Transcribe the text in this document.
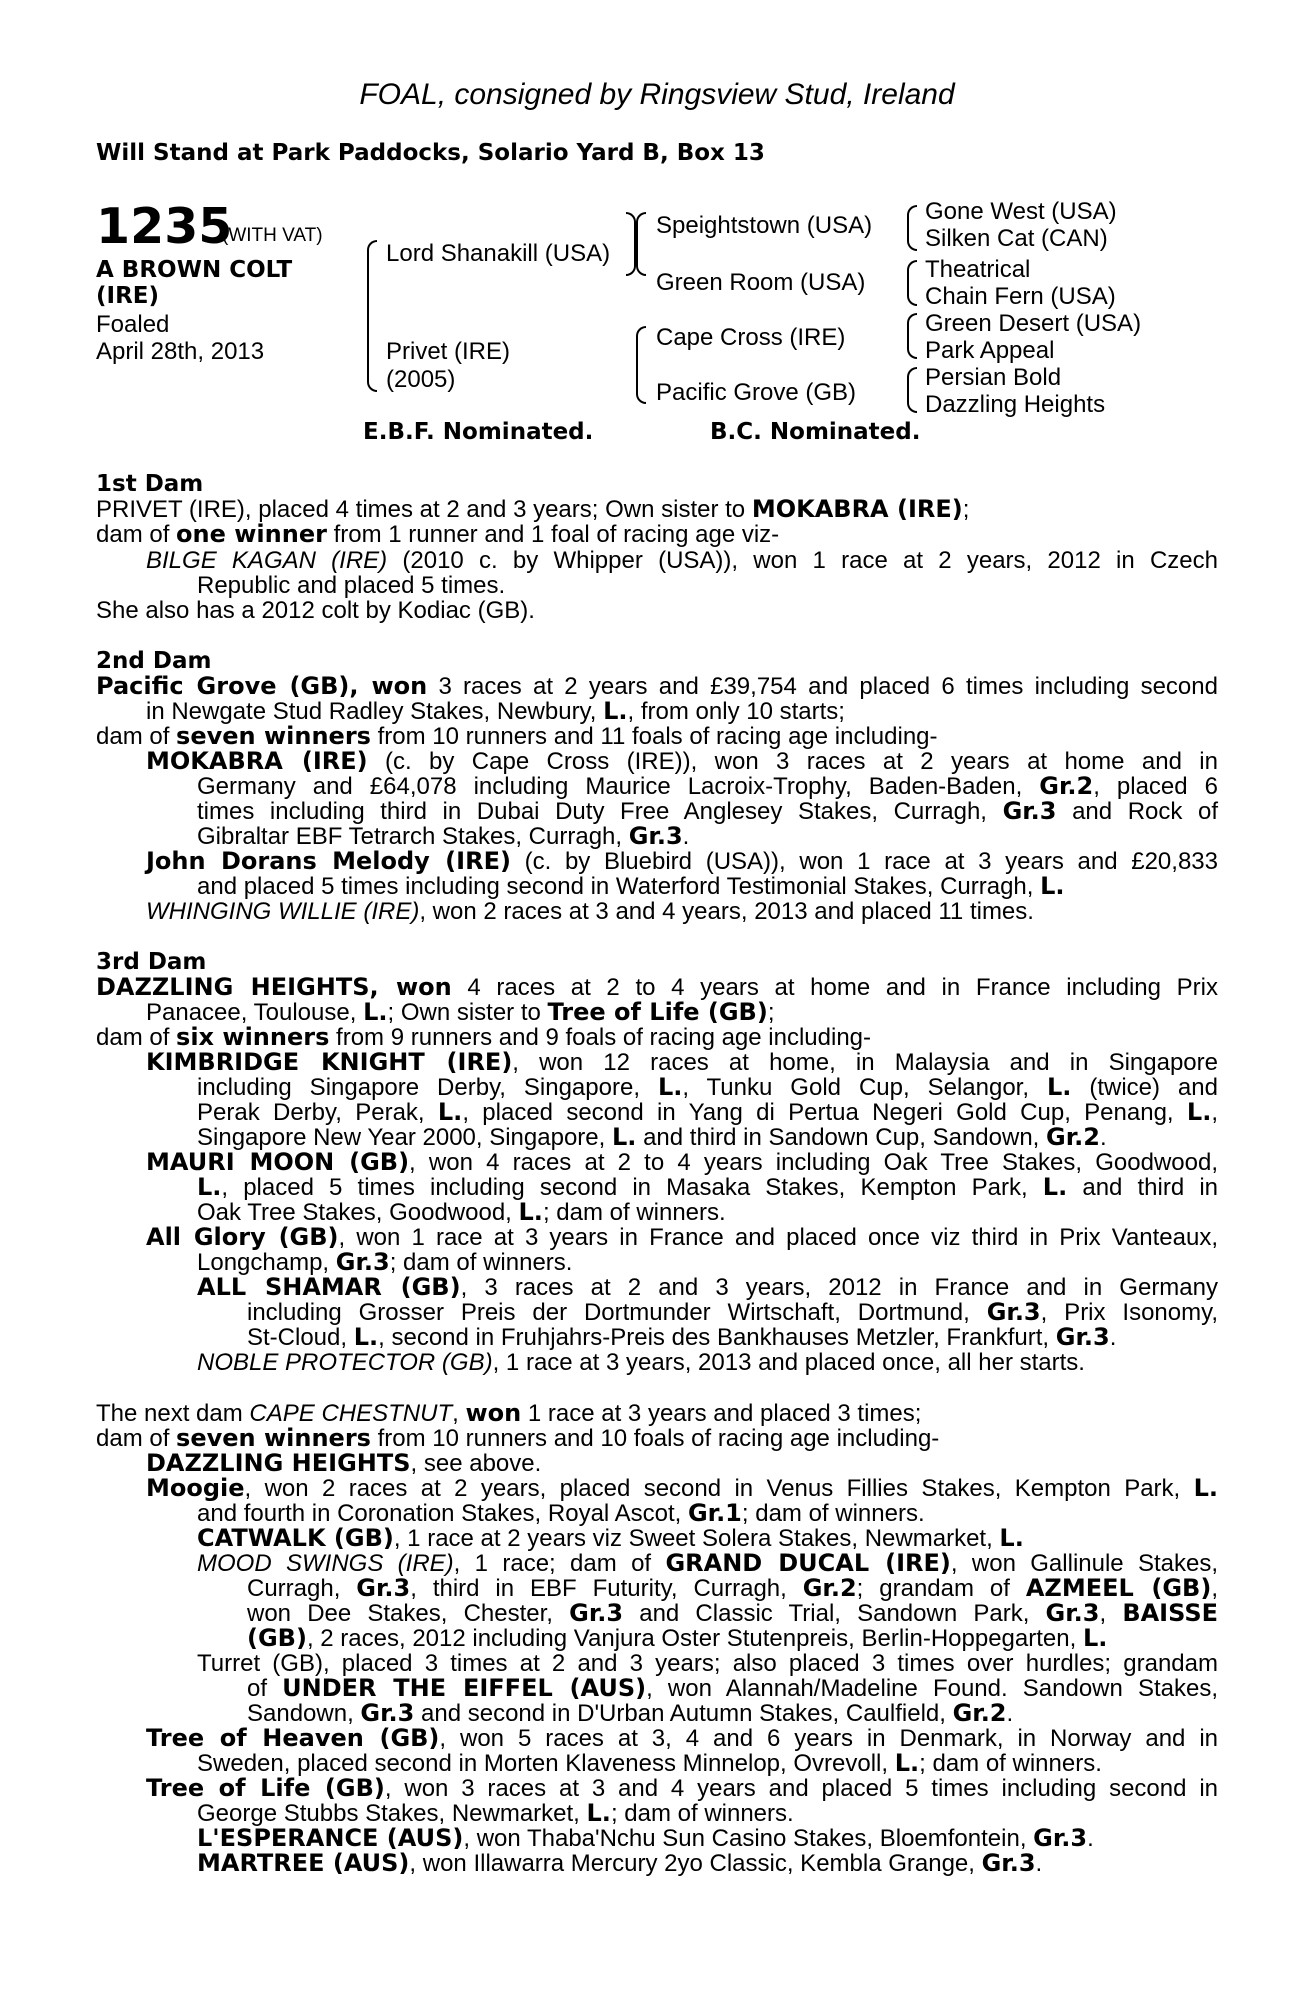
FOAL, consigned by Ringsview Stud, Ireland
Will Stand at Park Paddocks, Solario Yard B, Box 13
1235
(WITH VAT)
A BROWN COLT
(IRE)
Foaled
April 28th, 2013
Lord Shanakill (USA)
Privet (IRE)
(2005)
Speightstown (USA)
Green Room (USA)
Cape Cross (IRE)
Pacific Grove (GB)
Gone West (USA)
Silken Cat (CAN)
Theatrical
Chain Fern (USA)
Green Desert (USA)
Park Appeal
Persian Bold
Dazzling Heights
E.B.F. Nominated.	B.C. Nominated.
1st Dam
PRIVET (IRE), placed 4 times at 2 and 3 years; Own sister to MOKABRA (IRE);
dam of one winner from 1 runner and 1 foal of racing age viz-
BILGE KAGAN (IRE) (2010 c. by Whipper (USA)), won 1 race at 2 years, 2012 in Czech
Republic and placed 5 times.
She also has a 2012 colt by Kodiac (GB).
2nd Dam
Pacific Grove (GB), won 3 races at 2 years and £39,754 and placed 6 times including second
in Newgate Stud Radley Stakes, Newbury, L., from only 10 starts;
dam of seven winners from 10 runners and 11 foals of racing age including-
MOKABRA (IRE) (c. by Cape Cross (IRE)), won 3 races at 2 years at home and in
Germany and £64,078 including Maurice Lacroix-Trophy, Baden-Baden, Gr.2, placed 6
times including third in Dubai Duty Free Anglesey Stakes, Curragh, Gr.3 and Rock of
Gibraltar EBF Tetrarch Stakes, Curragh, Gr.3.
John Dorans Melody (IRE) (c. by Bluebird (USA)), won 1 race at 3 years and £20,833
and placed 5 times including second in Waterford Testimonial Stakes, Curragh, L.
WHINGING WILLIE (IRE), won 2 races at 3 and 4 years, 2013 and placed 11 times.
3rd Dam
DAZZLING HEIGHTS, won 4 races at 2 to 4 years at home and in France including Prix
Panacee, Toulouse, L.; Own sister to Tree of Life (GB);
dam of six winners from 9 runners and 9 foals of racing age including-
KIMBRIDGE KNIGHT (IRE), won 12 races at home, in Malaysia and in Singapore
including Singapore Derby, Singapore, L., Tunku Gold Cup, Selangor, L. (twice) and
Perak Derby, Perak, L., placed second in Yang di Pertua Negeri Gold Cup, Penang, L.,
Singapore New Year 2000, Singapore, L. and third in Sandown Cup, Sandown, Gr.2.
MAURI MOON (GB), won 4 races at 2 to 4 years including Oak Tree Stakes, Goodwood,
L., placed 5 times including second in Masaka Stakes, Kempton Park, L. and third in
Oak Tree Stakes, Goodwood, L.; dam of winners.
All Glory (GB), won 1 race at 3 years in France and placed once viz third in Prix Vanteaux,
Longchamp, Gr.3; dam of winners.
ALL SHAMAR (GB), 3 races at 2 and 3 years, 2012 in France and in Germany
including Grosser Preis der Dortmunder Wirtschaft, Dortmund, Gr.3, Prix Isonomy,
St-Cloud, L., second in Fruhjahrs-Preis des Bankhauses Metzler, Frankfurt, Gr.3.
NOBLE PROTECTOR (GB), 1 race at 3 years, 2013 and placed once, all her starts.
The next dam CAPE CHESTNUT, won 1 race at 3 years and placed 3 times;
dam of seven winners from 10 runners and 10 foals of racing age including-
DAZZLING HEIGHTS, see above.
Moogie, won 2 races at 2 years, placed second in Venus Fillies Stakes, Kempton Park, L.
and fourth in Coronation Stakes, Royal Ascot, Gr.1; dam of winners.
CATWALK (GB), 1 race at 2 years viz Sweet Solera Stakes, Newmarket, L.
MOOD SWINGS (IRE), 1 race; dam of GRAND DUCAL (IRE), won Gallinule Stakes,
Curragh, Gr.3, third in EBF Futurity, Curragh, Gr.2; grandam of AZMEEL (GB),
won Dee Stakes, Chester, Gr.3 and Classic Trial, Sandown Park, Gr.3, BAISSE
(GB), 2 races, 2012 including Vanjura Oster Stutenpreis, Berlin-Hoppegarten, L.
Turret (GB), placed 3 times at 2 and 3 years; also placed 3 times over hurdles; grandam
of UNDER THE EIFFEL (AUS), won Alannah/Madeline Found. Sandown Stakes,
Sandown, Gr.3 and second in D'Urban Autumn Stakes, Caulfield, Gr.2.
Tree of Heaven (GB), won 5 races at 3, 4 and 6 years in Denmark, in Norway and in
Sweden, placed second in Morten Klaveness Minnelop, Ovrevoll, L.; dam of winners.
Tree of Life (GB), won 3 races at 3 and 4 years and placed 5 times including second in
George Stubbs Stakes, Newmarket, L.; dam of winners.
L'ESPERANCE (AUS), won Thaba'Nchu Sun Casino Stakes, Bloemfontein, Gr.3.
MARTREE (AUS), won Illawarra Mercury 2yo Classic, Kembla Grange, Gr.3.
